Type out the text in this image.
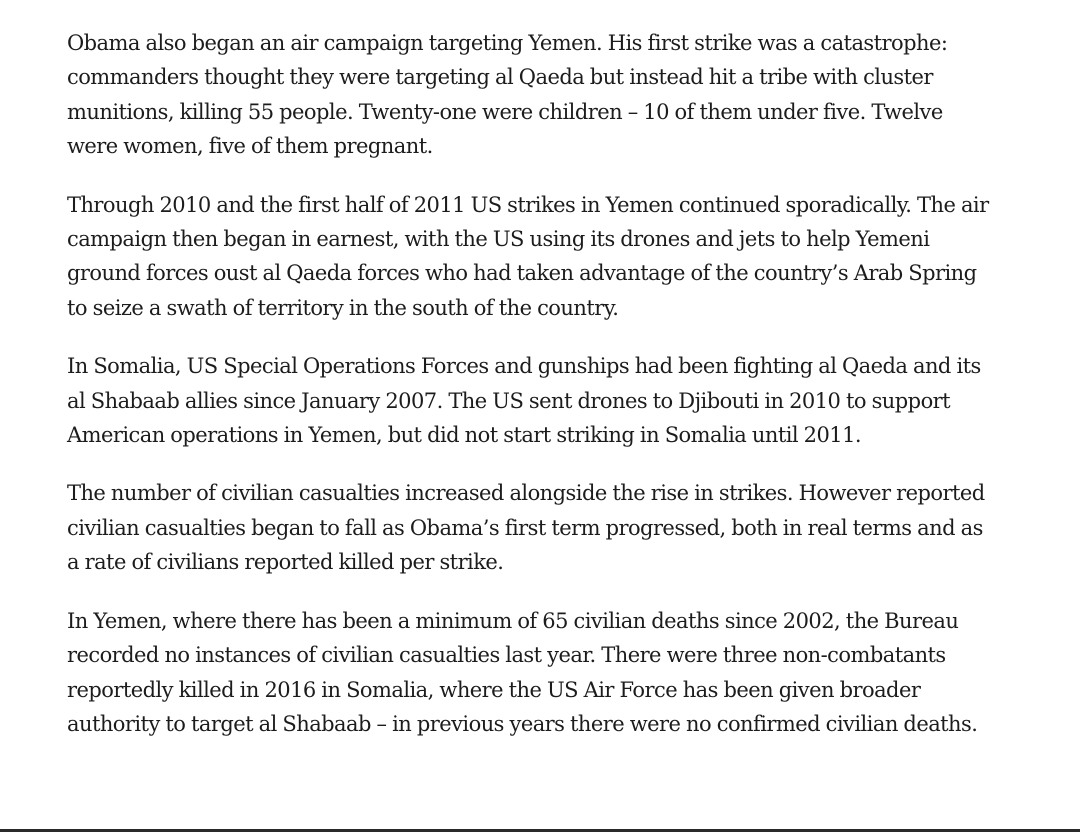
Obama also began an air campaign targeting Yemen. His first strike was a catastrophe: commanders thought they were targeting al Qaeda but instead hit a tribe with cluster munitions, killing 55 people. Twenty-one were children – 10 of them under five. Twelve were women, five of them pregnant.

Through 2010 and the first half of 2011 US strikes in Yemen continued sporadically. The air campaign then began in earnest, with the US using its drones and jets to help Yemeni ground forces oust al Qaeda forces who had taken advantage of the country’s Arab Spring to seize a swath of territory in the south of the country.

In Somalia, US Special Operations Forces and gunships had been fighting al Qaeda and its al Shabaab allies since January 2007. The US sent drones to Djibouti in 2010 to support American operations in Yemen, but did not start striking in Somalia until 2011.

The number of civilian casualties increased alongside the rise in strikes. However reported civilian casualties began to fall as Obama’s first term progressed, both in real terms and as a rate of civilians reported killed per strike.

In Yemen, where there has been a minimum of 65 civilian deaths since 2002, the Bureau recorded no instances of civilian casualties last year. There were three non-combatants reportedly killed in 2016 in Somalia, where the US Air Force has been given broader authority to target al Shabaab – in previous years there were no confirmed civilian deaths.
